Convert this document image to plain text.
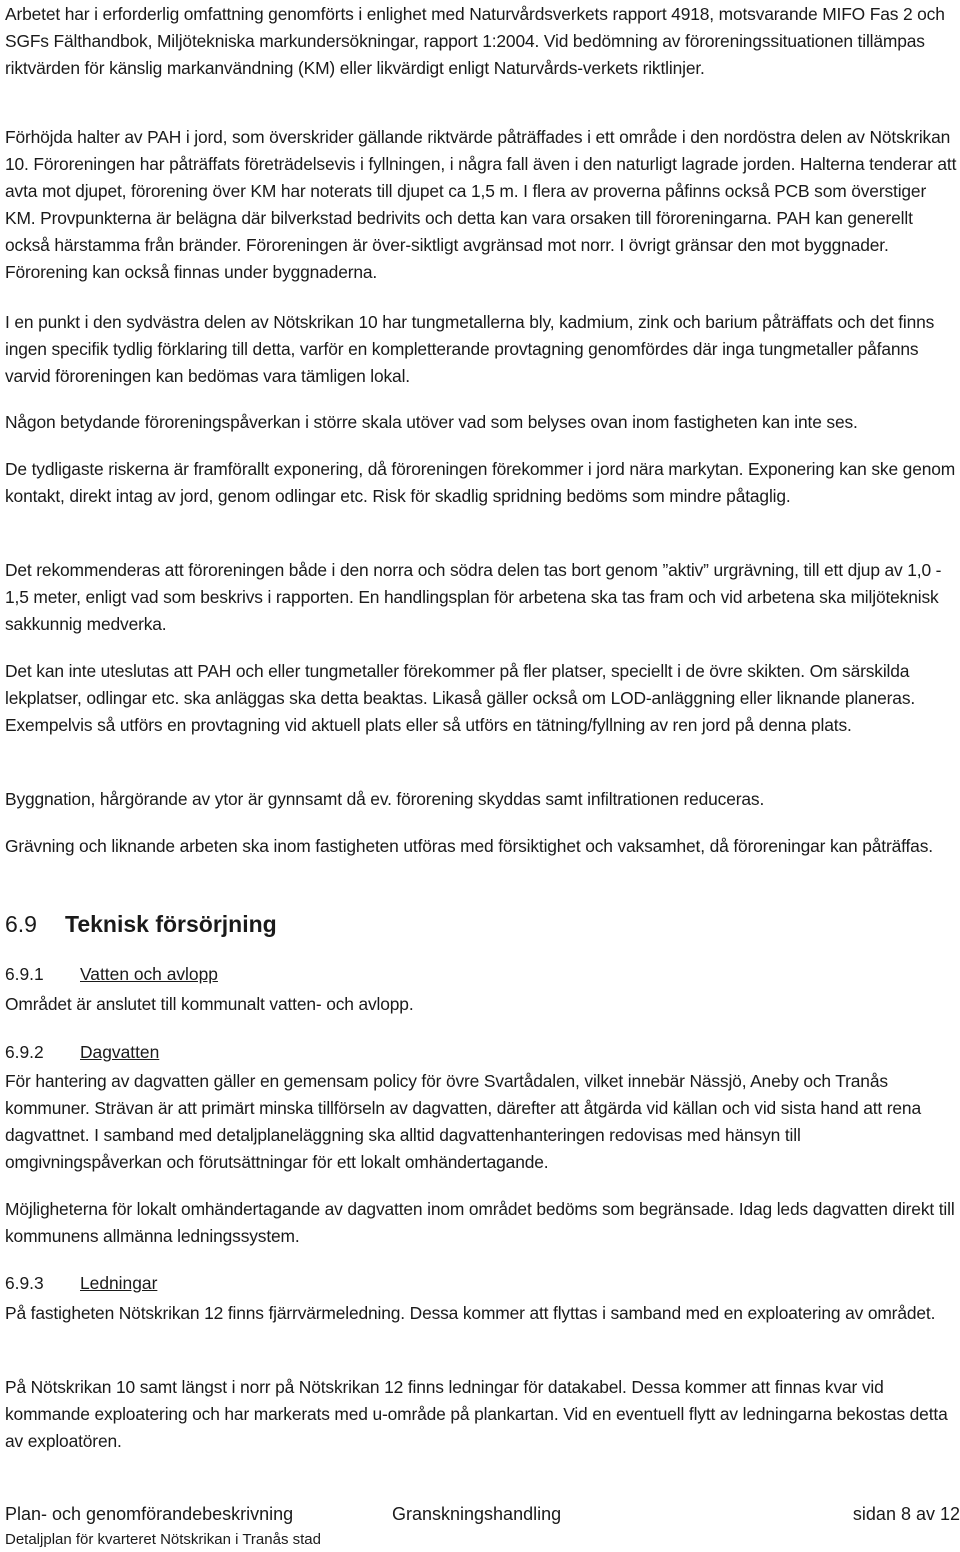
Arbetet har i erforderlig omfattning genomförts i enlighet med Naturvårdsverkets rapport 4918, motsvarande MIFO Fas 2 och SGFs Fälthandbok, Miljötekniska markundersökningar, rapport 1:2004. Vid bedömning av föroreningssituationen tillämpas riktvärden för känslig markanvändning (KM) eller likvärdigt enligt Naturvårds-verkets riktlinjer.

Förhöjda halter av PAH i jord, som överskrider gällande riktvärde påträffades i ett område i den nordöstra delen av Nötskrikan 10. Föroreningen har påträffats företrädelsevis i fyllningen, i några fall även i den naturligt lagrade jorden. Halterna tenderar att avta mot djupet, förorening över KM har noterats till djupet ca 1,5 m. I flera av proverna påfinns också PCB som överstiger KM. Provpunkterna är belägna där bilverkstad bedrivits och detta kan vara orsaken till föroreningarna. PAH kan generellt också härstamma från bränder. Föroreningen är över-siktligt avgränsad mot norr. I övrigt gränsar den mot byggnader. Förorening kan också finnas under byggnaderna.

I en punkt i den sydvästra delen av Nötskrikan 10 har tungmetallerna bly, kadmium, zink och barium påträffats och det finns ingen specifik tydlig förklaring till detta, varför en kompletterande provtagning genomfördes där inga tungmetaller påfanns varvid föroreningen kan bedömas vara tämligen lokal.

Någon betydande föroreningspåverkan i större skala utöver vad som belyses ovan inom fastigheten kan inte ses.

De tydligaste riskerna är framförallt exponering, då föroreningen förekommer i jord nära markytan. Exponering kan ske genom kontakt, direkt intag av jord, genom odlingar etc. Risk för skadlig spridning bedöms som mindre påtaglig.

Det rekommenderas att föroreningen både i den norra och södra delen tas bort genom ”aktiv” urgrävning, till ett djup av 1,0 - 1,5 meter, enligt vad som beskrivs i rapporten. En handlingsplan för arbetena ska tas fram och vid arbetena ska miljöteknisk sakkunnig medverka.

Det kan inte uteslutas att PAH och eller tungmetaller förekommer på fler platser, speciellt i de övre skikten. Om särskilda lekplatser, odlingar etc. ska anläggas ska detta beaktas. Likaså gäller också om LOD-anläggning eller liknande planeras. Exempelvis så utförs en provtagning vid aktuell plats eller så utförs en tätning/fyllning av ren jord på denna plats.

Byggnation, hårgörande av ytor är gynnsamt då ev. förorening skyddas samt infiltrationen reduceras.

Grävning och liknande arbeten ska inom fastigheten utföras med försiktighet och vaksamhet, då föroreningar kan påträffas.

6.9 Teknisk försörjning
6.9.1 Vatten och avlopp

Området är anslutet till kommunalt vatten- och avlopp.

6.9.2 Dagvatten

För hantering av dagvatten gäller en gemensam policy för övre Svartådalen, vilket innebär Nässjö, Aneby och Tranås kommuner. Strävan är att primärt minska tillförseln av dagvatten, därefter att åtgärda vid källan och vid sista hand att rena dagvattnet. I samband med detaljplaneläggning ska alltid dagvattenhanteringen redovisas med hänsyn till omgivningspåverkan och förutsättningar för ett lokalt omhändertagande.

Möjligheterna för lokalt omhändertagande av dagvatten inom området bedöms som begränsade. Idag leds dagvatten direkt till kommunens allmänna ledningssystem.

6.9.3 Ledningar

På fastigheten Nötskrikan 12 finns fjärrvärmeledning. Dessa kommer att flyttas i samband med en exploatering av området.

På Nötskrikan 10 samt längst i norr på Nötskrikan 12 finns ledningar för datakabel. Dessa kommer att finnas kvar vid kommande exploatering och har markerats med u-område på plankartan. Vid en eventuell flytt av ledningarna bekostas detta av exploatören.

Plan- och genomförandebeskrivning	Granskningshandling	sidan 8 av 12
Detaljplan för kvarteret Nötskrikan i Tranås stad
